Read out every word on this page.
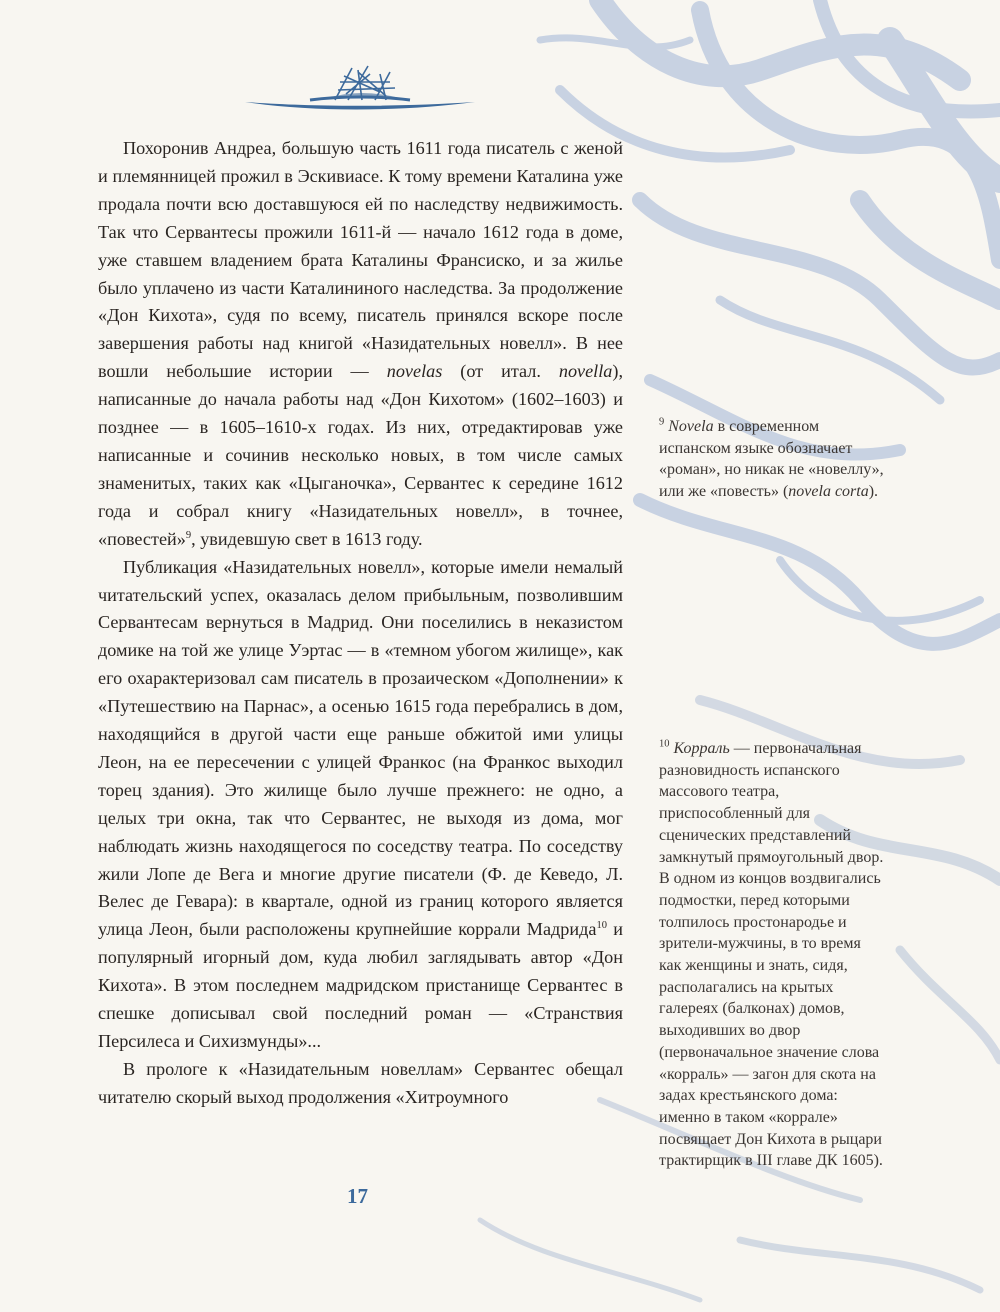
Похоронив Андреа, большую часть 1611 года писатель с женой и племянницей прожил в Эскивиасе. К тому времени Каталина уже продала почти всю доставшуюся ей по наследству недвижимость. Так что Сервантесы прожили 1611-й — начало 1612 года в доме, уже ставшем владением брата Каталины Франсиско, и за жилье было уплачено из части Каталининого наследства. За продолжение «Дон Кихота», судя по всему, писатель принялся вскоре после завершения работы над книгой «Назидательных новелл». В нее вошли небольшие истории — novelas (от итал. novella), написанные до начала работы над «Дон Кихотом» (1602–1603) и позднее — в 1605–1610-х годах. Из них, отредактировав уже написанные и сочинив несколько новых, в том числе самых знаменитых, таких как «Цыганочка», Сервантес к середине 1612 года и собрал книгу «Назидательных новелл», в точнее, «повестей»$^9$, увидевшую свет в 1613 году.

Публикация «Назидательных новелл», которые имели немалый читательский успех, оказалась делом прибыльным, позволившим Сервантесам вернуться в Мадрид. Они поселились в неказистом домике на той же улице Уэртас — в «темном убогом жилище», как его охарактеризовал сам писатель в прозаическом «Дополнении» к «Путешествию на Парнас», а осенью 1615 года перебрались в дом, находящийся в другой части еще раньше обжитой ими улицы Леон, на ее пересечении с улицей Франкос (на Франкос выходил торец здания). Это жилище было лучше прежнего: не одно, а целых три окна, так что Сервантес, не выходя из дома, мог наблюдать жизнь находящегося по соседству театра. По соседству жили Лопе де Вега и многие другие писатели (Ф. де Кеведо, Л. Велес де Гевара): в квартале, одной из границ которого является улица Леон, были расположены крупнейшие коррали Мадрида$^{10}$ и популярный игорный дом, куда любил заглядывать автор «Дон Кихота». В этом последнем мадридском пристанище Сервантес в спешке дописывал свой последний роман — «Странствия Персилеса и Сихизмунды»...

В прологе к «Назидательным новеллам» Сервантес обещал читателю скорый выход продолжения «Хитроумного

$^9$ Novela в современном испанском языке обозначает «роман», но никак не «новеллу», или же «повесть» (novela corta).
$^{10}$ Корраль — первоначальная разновидность испанского массового театра, приспособленный для сценических представлений замкнутый прямоугольный двор. В одном из концов воздвигались подмостки, перед которыми толпилось простонародье и зрители-мужчины, в то время как женщины и знать, сидя, располагались на крытых галереях (балконах) домов, выходивших во двор (первоначальное значение слова «корраль» — загон для скота на задах крестьянского дома: именно в таком «коррале» посвящает Дон Кихота в рыцари трактирщик в III главе ДК 1605).
17
